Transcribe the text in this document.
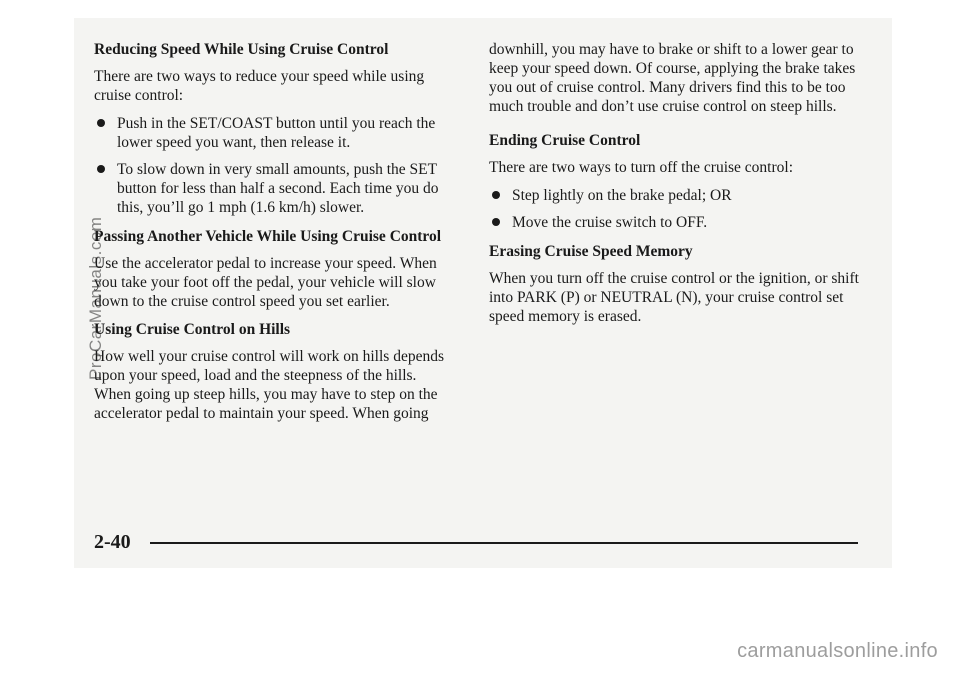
Reducing Speed While Using Cruise Control

There are two ways to reduce your speed while using cruise control:

Push in the SET/COAST button until you reach the lower speed you want, then release it.
To slow down in very small amounts, push the SET button for less than half a second. Each time you do this, you’ll go 1 mph (1.6 km/h) slower.
Passing Another Vehicle While Using Cruise Control

Use the accelerator pedal to increase your speed. When you take your foot off the pedal, your vehicle will slow down to the cruise control speed you set earlier.

Using Cruise Control on Hills

How well your cruise control will work on hills depends upon your speed, load and the steepness of the hills. When going up steep hills, you may have to step on the accelerator pedal to maintain your speed. When going

downhill, you may have to brake or shift to a lower gear to keep your speed down. Of course, applying the brake takes you out of cruise control. Many drivers find this to be too much trouble and don’t use cruise control on steep hills.

Ending Cruise Control

There are two ways to turn off the cruise control:

Step lightly on the brake pedal; OR
Move the cruise switch to OFF.
Erasing Cruise Speed Memory

When you turn off the cruise control or the ignition, or shift into PARK (P) or NEUTRAL (N), your cruise control set speed memory is erased.

2-40
ProCarManuals.com
carmanualsonline.info
